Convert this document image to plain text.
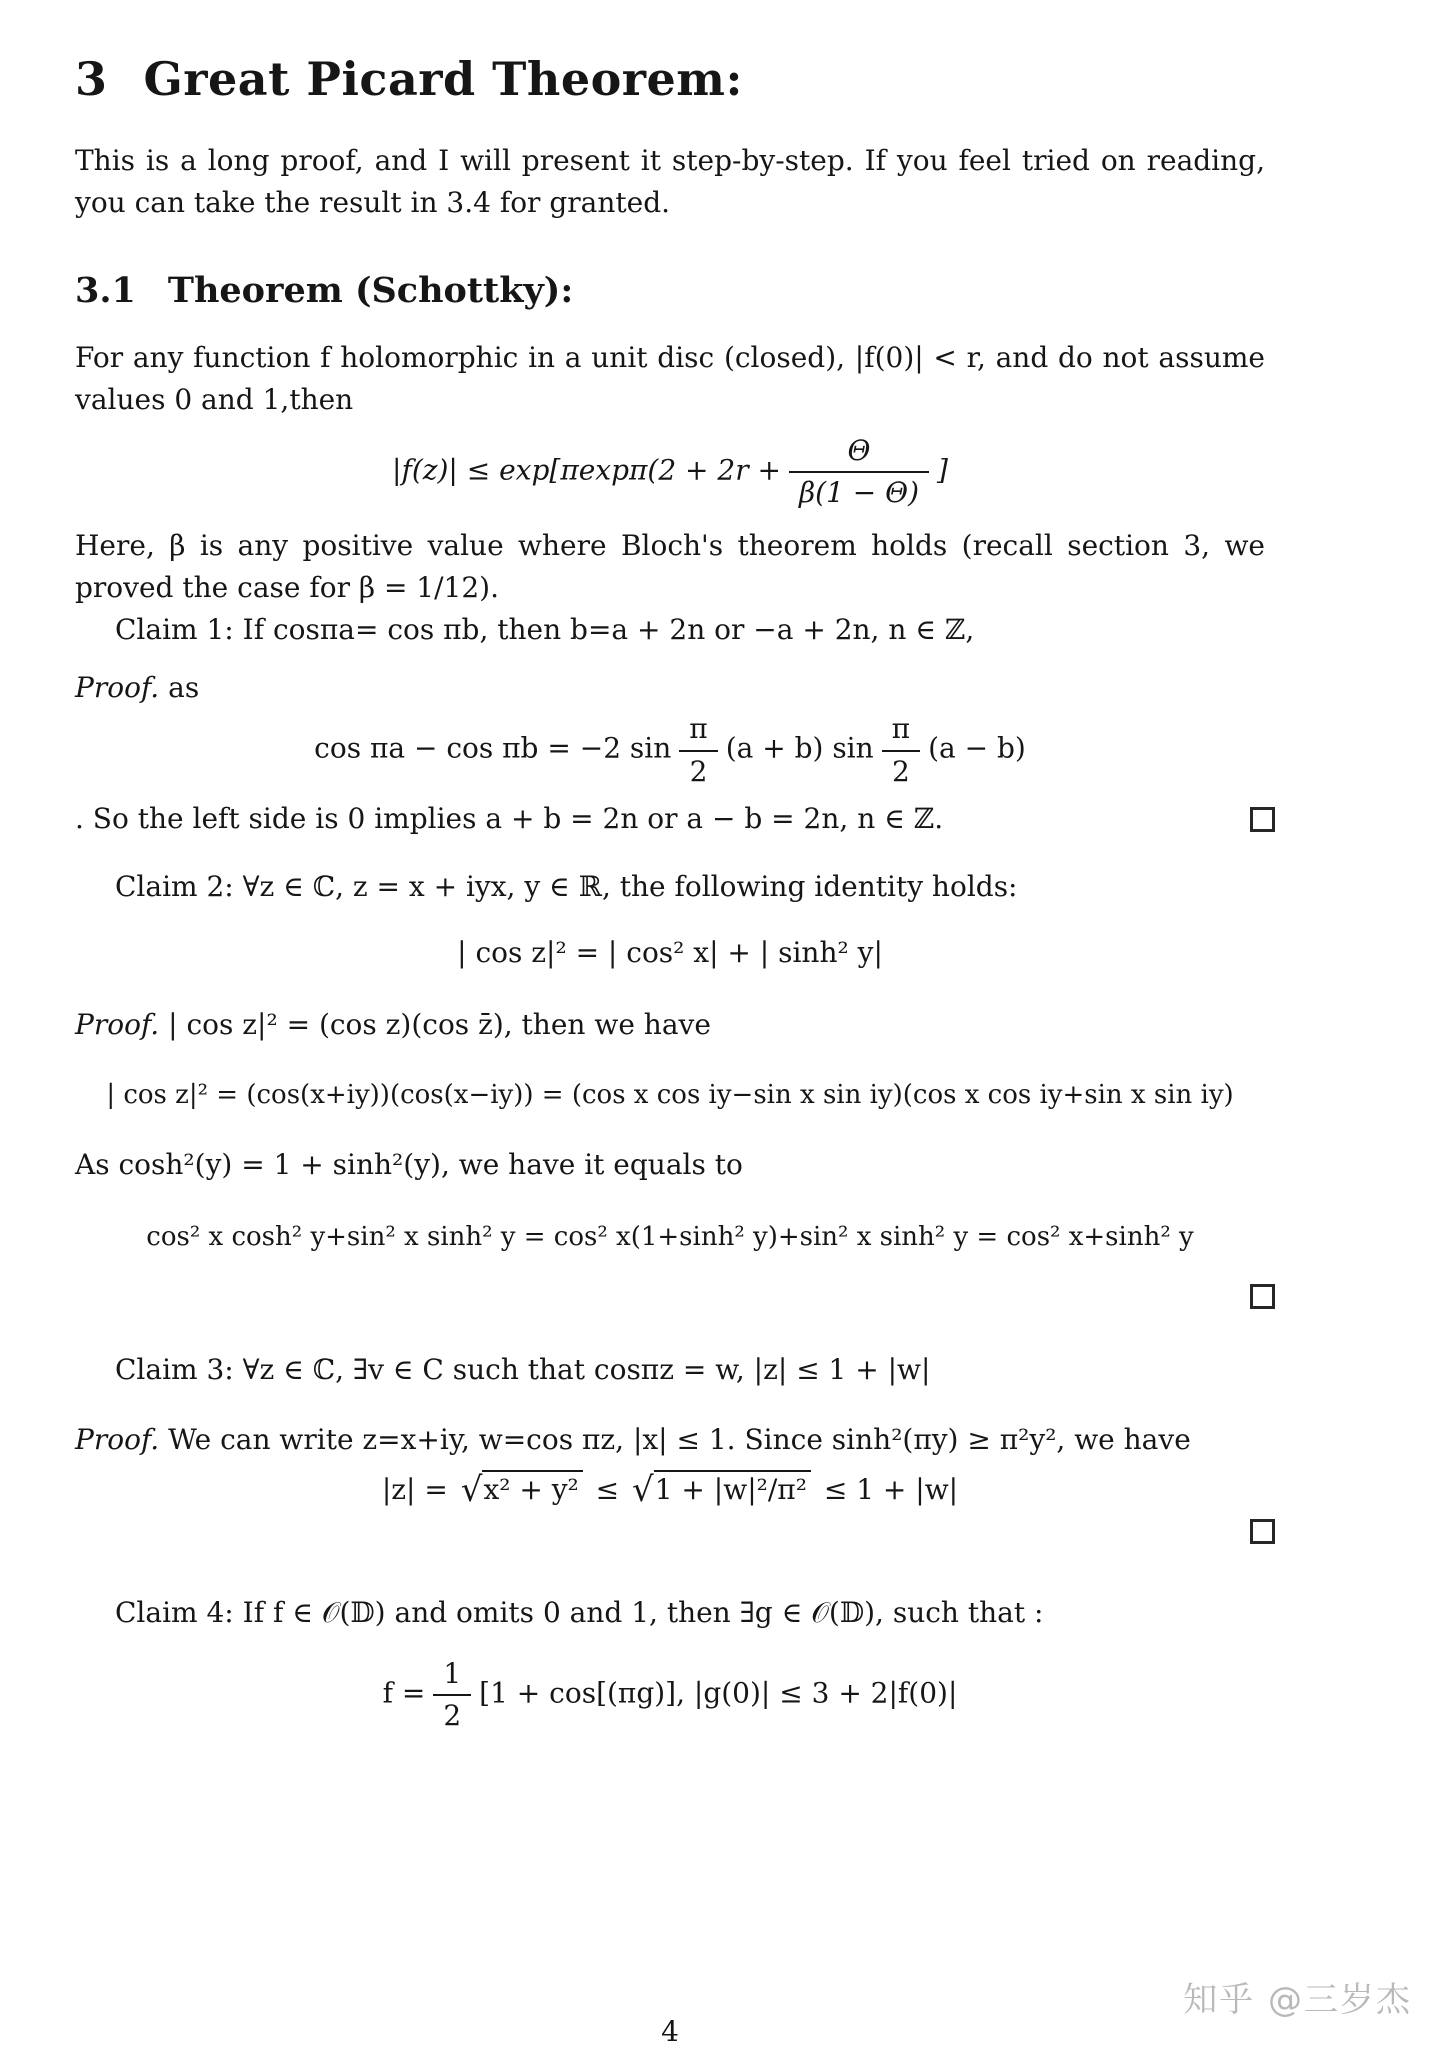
3 Great Picard Theorem:

This is a long proof, and I will present it step-by-step. If you feel tried on reading, you can take the result in 3.4 for granted.

3.1 Theorem (Schottky):

For any function f holomorphic in a unit disc (closed), |f(0)| < r, and do not assume values 0 and 1,then

$|f(z)| \le \exp[\pi\exp\pi(2 + 2r + \frac{\Theta}{\beta(1 - \Theta)}$ ]

Here, β is any positive value where Bloch's theorem holds (recall section 3, we proved the case for β = 1/12).

Claim 1: If cosπa= cos πb, then b=a + 2n or −a + 2n, n ∈ ℤ,

Proof. as

cos πa − cos πb = −2 $\sin \frac{\pi}{2} (a + b)$ $\sin \frac{\pi}{2} (a - b)$

. So the left side is 0 implies a + b = 2n or a − b = 2n, n ∈ ℤ.

Claim 2: ∀z ∈ ℂ, z = x + iyx, y ∈ ℝ, the following identity holds:

| cos z|² = | cos² x| + | sinh² y|

Proof. | cos z|² = (cos z)(cos z̄), then we have

| cos z|² = (cos(x+iy))(cos(x−iy)) = (cos x cos iy−sin x sin iy)(cos x cos iy+sin x sin iy)

As cosh²(y) = 1 + sinh²(y), we have it equals to

cos² x cosh² y+sin² x sinh² y = cos² x(1+sinh² y)+sin² x sinh² y = cos² x+sinh² y

Claim 3: ∀z ∈ ℂ, ∃v ∈ C such that cosπz = w, |z| ≤ 1 + |w|

Proof. We can write z=x+iy, w=cos πz, |x| ≤ 1. Since sinh²(πy) ≥ π²y², we have

|z| = √x² + y² ≤ √1 + |w|²/π² ≤ 1 + |w|

Claim 4: If f ∈ 𝒪(𝔻) and omits 0 and 1, then ∃g ∈ 𝒪(𝔻), such that :

$f = \frac{1}{2} [1 + \cos[(\pi g)]$, |g(0)| ≤ 3 + 2|f(0)|
4
知乎 @三岁杰
